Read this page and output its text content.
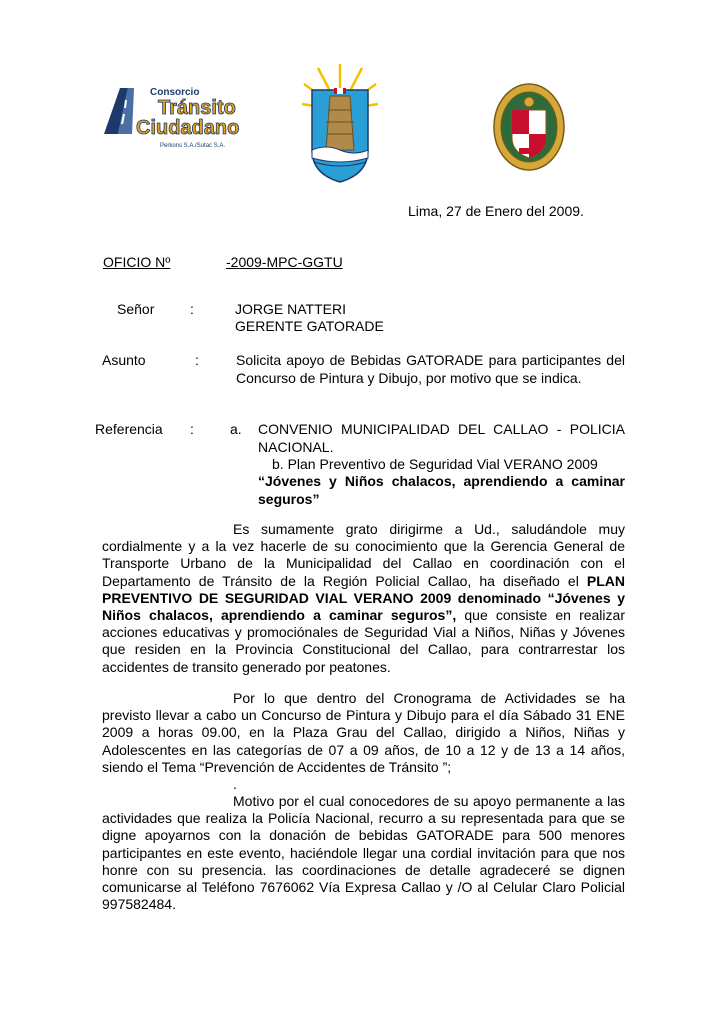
Consorcio
Tránsito
Ciudadano
Perkons S.A./Sutac S.A.
Lima, 27 de Enero del 2009.
OFICIO Nº	-2009-MPC-GGTU
Señor	:	JORGE NATTERI
GERENTE GATORADE
Asunto	:	Solicita apoyo de Bebidas GATORADE para participantes del Concurso de Pintura y Dibujo, por motivo que se indica.
Referencia :	a. CONVENIO MUNICIPALIDAD DEL CALLAO - POLICIA NACIONAL.
b. Plan Preventivo de Seguridad Vial VERANO 2009
“Jóvenes y Niños chalacos, aprendiendo a caminar seguros”

Es sumamente grato dirigirme a Ud., saludándole muy cordialmente y a la vez hacerle de su conocimiento que la Gerencia General de Transporte Urbano de la Municipalidad del Callao en coordinación con el Departamento de Tránsito de la Región Policial Callao, ha diseñado el PLAN PREVENTIVO DE SEGURIDAD VIAL VERANO 2009 denominado “Jóvenes y Niños chalacos, aprendiendo a caminar seguros”, que consiste en realizar acciones educativas y promociónales de Seguridad Vial a Niños, Niñas y Jóvenes que residen en la Provincia Constitucional del Callao, para contrarrestar los accidentes de transito generado por peatones.

Por lo que dentro del Cronograma de Actividades se ha previsto llevar a cabo un Concurso de Pintura y Dibujo para el día Sábado 31 ENE 2009 a horas 09.00, en la Plaza Grau del Callao, dirigido a Niños, Niñas y Adolescentes en las categorías de 07 a 09 años, de 10 a 12 y de 13 a 14 años, siendo el Tema “Prevención de Accidentes de Tránsito ”;

.

Motivo por el cual conocedores de su apoyo permanente a las actividades que realiza la Policía Nacional, recurro a su representada para que se digne apoyarnos con la donación de bebidas GATORADE para 500 menores participantes en este evento, haciéndole llegar una cordial invitación para que nos honre con su presencia. las coordinaciones de detalle agradeceré se dignen comunicarse al Teléfono 7676062 Vía Expresa Callao y /O al Celular Claro Policial 997582484.
